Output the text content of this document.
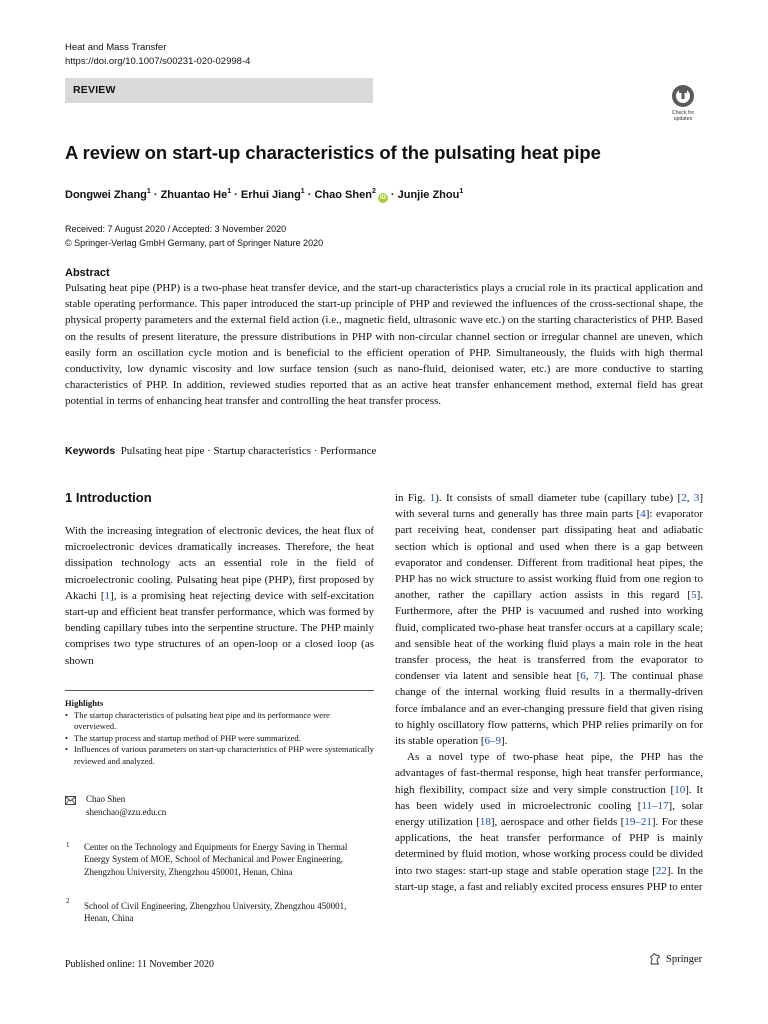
Heat and Mass Transfer
https://doi.org/10.1007/s00231-020-02998-4
REVIEW
Check for
updates
A review on start-up characteristics of the pulsating heat pipe
Dongwei Zhang$^1$ · Zhuantao $He^1$ · Erhui Jiang$^1$ · Chao Shen$^2$iD · Junjie Zhou$^1$
Received: 7 August 2020 / Accepted: 3 November 2020
© Springer-Verlag GmbH Germany, part of Springer Nature 2020
Abstract
Pulsating heat pipe (PHP) is a two-phase heat transfer device, and the start-up characteristics plays a crucial role in its practical application and stable operating performance. This paper introduced the start-up principle of PHP and reviewed the influences of the cross-sectional shape, the physical property parameters and the external field action (i.e., magnetic field, ultrasonic wave etc.) on the starting characteristics of PHP. Based on the results of present literature, the pressure distributions in PHP with non-circular channel section or irregular channel are uneven, which easily form an oscillation cycle motion and is beneficial to the efficient operation of PHP. Simultaneously, the fluids with high thermal conductivity, low dynamic viscosity and low surface tension (such as nano-fluid, deionised water, etc.) are more conductive to starting characteristics of PHP. In addition, reviewed studies reported that as an active heat transfer enhancement method, external field has great potential in terms of enhancing heat transfer and controlling the heat transfer process.
Keywords Pulsating heat pipe · Startup characteristics · Performance
1 Introduction

With the increasing integration of electronic devices, the heat flux of microelectronic devices dramatically increases. Therefore, the heat dissipation technology acts an essential role in the field of microelectronic cooling. Pulsating heat pipe (PHP), first proposed by Akachi [1], is a promising heat rejecting device with self-excitation start-up and efficient heat transfer performance, which was formed by bending capillary tubes into the serpentine structure. The PHP mainly comprises two type structures of an open-loop or a closed loop (as shown

in Fig. 1). It consists of small diameter tube (capillary tube) [2, 3] with several turns and generally has three main parts [4]: evaporator part receiving heat, condenser part dissipating heat and adiabatic section which is optional and used when there is a gap between evaporator and condenser. Different from traditional heat pipes, the PHP has no wick structure to assist working fluid from one region to another, rather the capillary action assists in this regard [5]. Furthermore, after the PHP is vacuumed and rushed into working fluid, complicated two-phase heat transfer occurs at a capillary scale; and sensible heat of the working fluid plays a main role in the heat transfer process, the heat is transferred from the evaporator to condenser via latent and sensible heat [6, 7]. The continual phase change of the internal working fluid results in a thermally-driven force imbalance and an ever-changing pressure field that given rising to highly oscillatory flow patterns, which PHP relies primarily on for its stable operation [6–9].

As a novel type of two-phase heat pipe, the PHP has the advantages of fast-thermal response, high heat transfer performance, high flexibility, compact size and very simple construction [10]. It has been widely used in microelectronic cooling [11–17], solar energy utilization [18], aerospace and other fields [19–21]. For these applications, the heat transfer performance of PHP is mainly determined by fluid motion, whose working process could be divided into two stages: start-up stage and stable operation stage [22]. In the start-up stage, a fast and reliably excited process ensures PHP to enter

Highlights
• The startup characteristics of pulsating heat pipe and its performance were overviewed.
• The startup process and startup method of PHP were summarized.
• Influences of various parameters on start-up characteristics of PHP were systematically reviewed and analyzed.
Chao Shen
shenchao@zzu.edu.cn
1 Center on the Technology and Equipments for Energy Saving in Thermal Energy System of MOE, School of Mechanical and Power Engineering, Zhengzhou University, Zhengzhou 450001, Henan, China
2 School of Civil Engineering, Zhengzhou University, Zhengzhou 450001, Henan, China
Published online: 11 November 2020	Springer
